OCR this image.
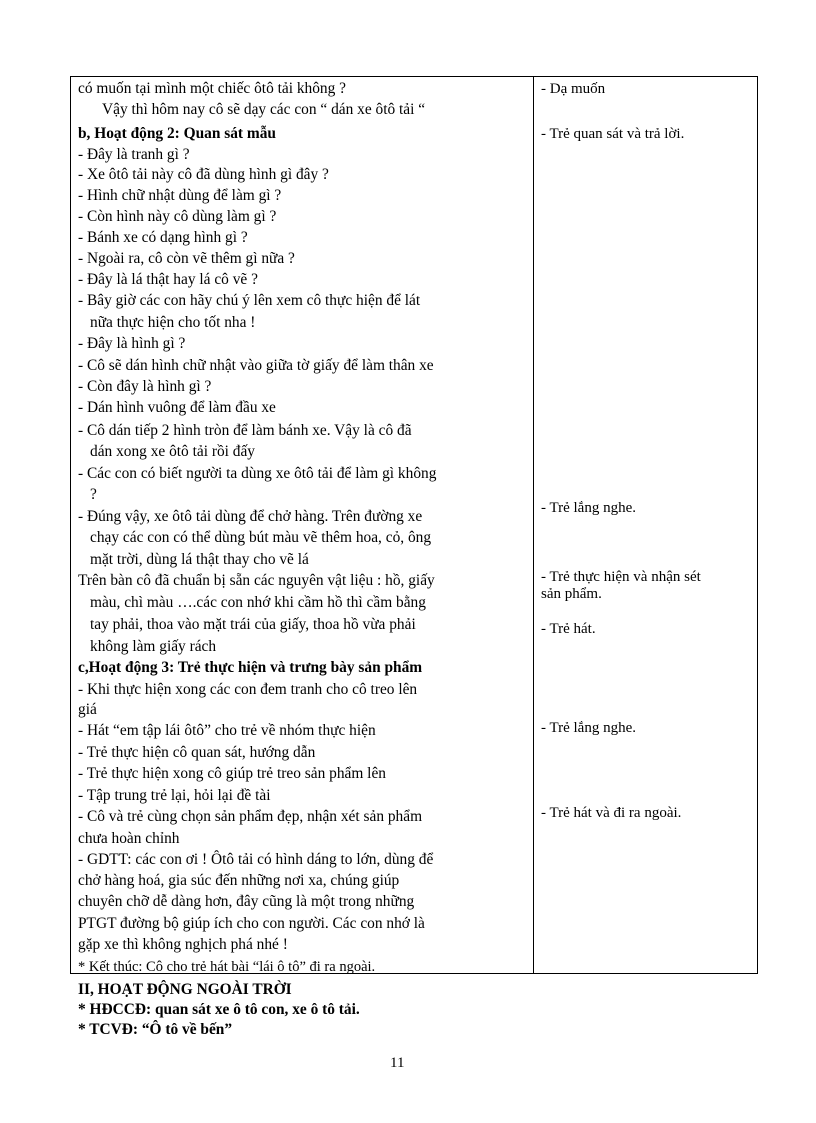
có muốn tại mình một chiếc ôtô tải không ?
Vậy thì hôm nay cô sẽ dạy các con “ dán xe ôtô tải “
b, Hoạt động 2: Quan sát mẫu
- Đây là tranh gì ?
- Xe ôtô tải này cô đã dùng hình gì đây ?
- Hình chữ nhật dùng để làm gì ?
- Còn hình này cô dùng làm gì ?
- Bánh xe có dạng hình gì ?
- Ngoài ra, cô còn vẽ thêm gì nữa ?
- Đây là lá thật hay lá cô vẽ ?
- Bây giờ các con hãy chú ý lên xem cô thực hiện để lát
nữa thực hiện cho tốt nha !
- Đây là hình gì ?
- Cô sẽ dán hình chữ nhật vào giữa tờ giấy để làm thân xe
- Còn đây là hình gì ?
- Dán hình vuông để làm đầu xe
- Cô dán tiếp 2 hình tròn để làm bánh xe. Vậy là cô đã
dán xong xe ôtô tải rồi đấy
- Các con có biết người ta dùng xe ôtô tải để làm gì không
?
- Đúng vậy, xe ôtô tải dùng để chở hàng. Trên đường xe
chạy các con có thể dùng bút màu vẽ thêm hoa, cỏ, ông
mặt trời, dùng lá thật thay cho vẽ lá
Trên bàn cô đã chuẩn bị sẵn các nguyên vật liệu : hồ, giấy
màu, chì màu ….các con nhớ khi cầm hồ thì cầm bằng
tay phải, thoa vào mặt trái của giấy, thoa hồ vừa phải
không làm giấy rách
c,Hoạt động 3: Trẻ thực hiện và trưng bày sản phẩm
- Khi thực hiện xong các con đem tranh cho cô treo lên
giá
- Hát “em tập lái ôtô” cho trẻ về nhóm thực hiện
- Trẻ thực hiện cô quan sát, hướng dẫn
- Trẻ thực hiện xong cô giúp trẻ treo sản phẩm lên
- Tập trung trẻ lại, hỏi lại đề tài
- Cô và trẻ cùng chọn sản phẩm đẹp, nhận xét sản phẩm
chưa hoàn chỉnh
- GDTT: các con ơi ! Ôtô tải có hình dáng to lớn, dùng để
chở hàng hoá, gia súc đến những nơi xa, chúng giúp
chuyên chỡ dễ dàng hơn, đây cũng là một trong những
PTGT đường bộ giúp ích cho con người. Các con nhớ là
gặp xe thì không nghịch phá nhé !
* Kết thúc: Cô cho trẻ hát bài “lái ô tô” đi ra ngoài.
- Dạ muốn
- Trẻ quan sát và trả lời.
- Trẻ lắng nghe.
- Trẻ thực hiện và nhận sét
sản phẩm.
- Trẻ hát.
- Trẻ lắng nghe.
- Trẻ hát và đi ra ngoài.
II, HOẠT ĐỘNG NGOÀI TRỜI
* HĐCCĐ: quan sát xe ô tô con, xe ô tô tải.
* TCVĐ: “Ô tô về bến”
11
